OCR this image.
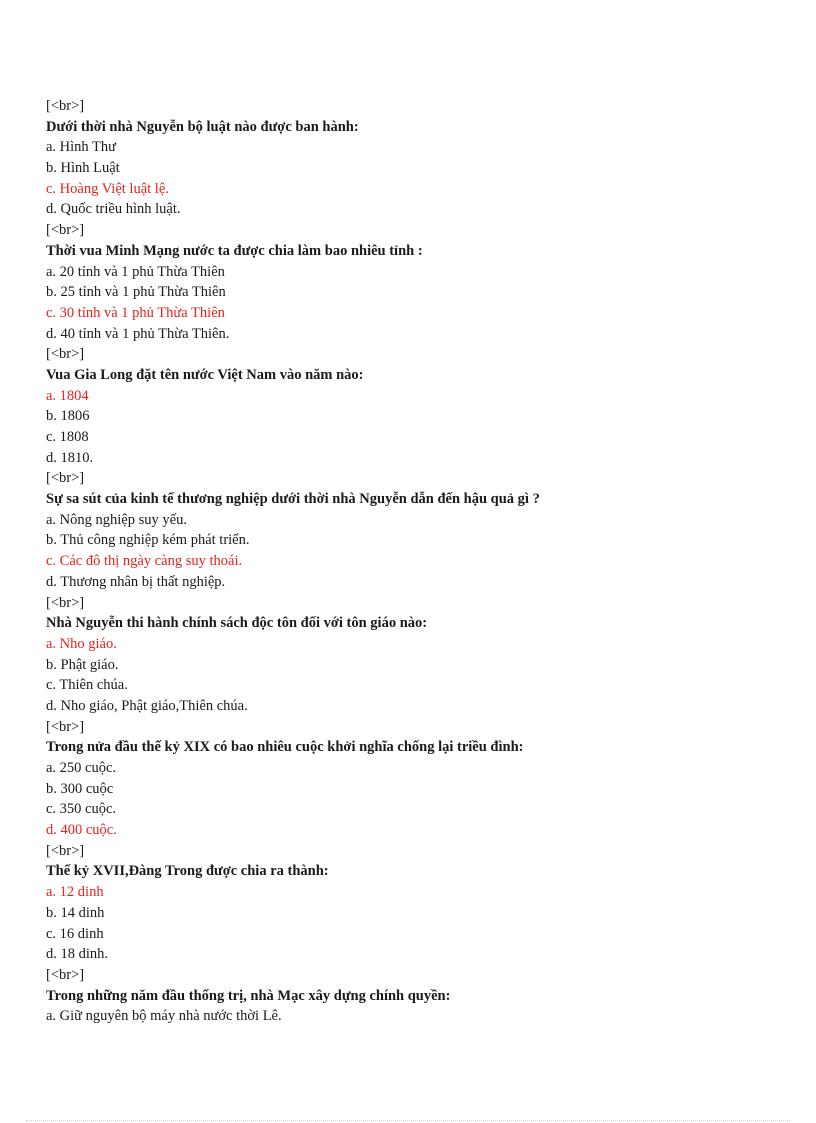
[<br>]
Dưới thời nhà Nguyễn bộ luật nào được ban hành:
a. Hình Thư
b. Hình Luật
c. Hoàng Việt luật lệ.
d. Quốc triều hình luật.
[<br>]
Thời vua Minh Mạng nước ta được chia làm bao nhiêu tỉnh :
a. 20 tỉnh và 1 phủ Thừa Thiên
b. 25 tỉnh và 1 phủ Thừa Thiên
c. 30 tỉnh và 1 phủ Thừa Thiên
d. 40 tỉnh và 1 phủ Thừa Thiên.
[<br>]
Vua Gia Long đặt tên nước Việt Nam vào năm nào:
a. 1804
b. 1806
c. 1808
d. 1810.
[<br>]
Sự sa sút của kinh tế thương nghiệp dưới thời nhà Nguyễn dẫn đến hậu quả gì ?
a. Nông nghiệp suy yếu.
b. Thủ công nghiệp kém phát triển.
c. Các đô thị ngày càng suy thoái.
d. Thương nhân bị thất nghiệp.
[<br>]
Nhà Nguyễn thi hành chính sách độc tôn đối với tôn giáo nào:
a. Nho giáo.
b. Phật giáo.
c. Thiên chúa.
d. Nho giáo, Phật giáo,Thiên chúa.
[<br>]
Trong nửa đầu thế kỷ XIX có bao nhiêu cuộc khởi nghĩa chống lại triều đình:
a. 250 cuộc.
b. 300 cuộc
c. 350 cuộc.
d. 400 cuộc.
[<br>]
Thế kỷ XVII,Đàng Trong được chia ra thành:
a. 12 dinh
b. 14 dinh
c. 16 dinh
d. 18 dinh.
[<br>]
Trong những năm đầu thống trị, nhà Mạc xây dựng chính quyền:
a. Giữ nguyên bộ máy nhà nước thời Lê.
